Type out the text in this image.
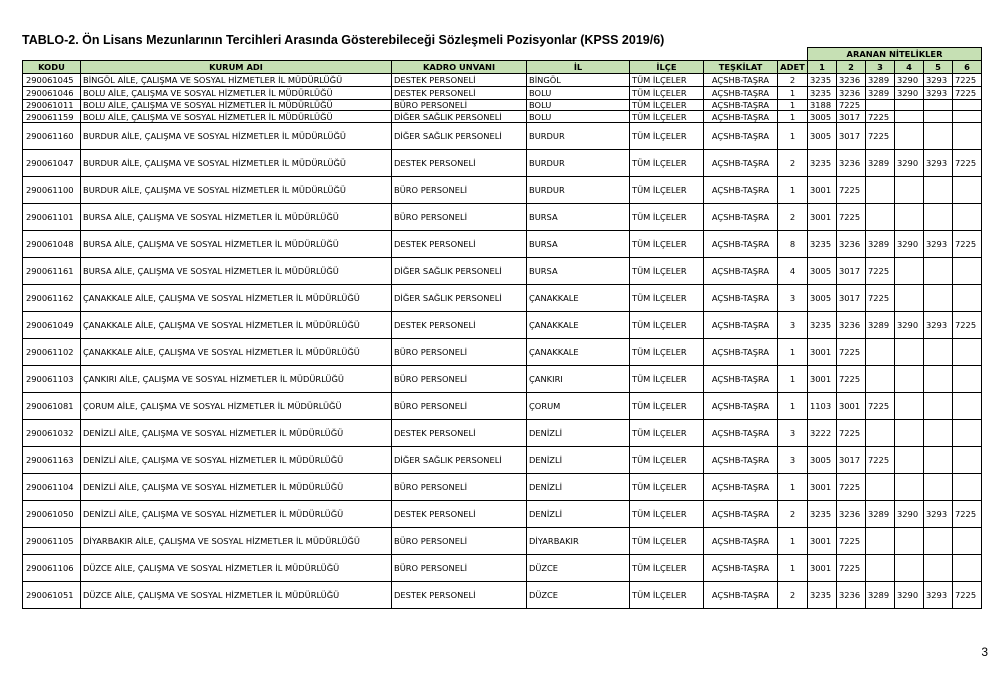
TABLO-2. Ön Lisans Mezunlarının Tercihleri Arasında Gösterebileceği Sözleşmeli Pozisyonlar (KPSS 2019/6)
							ARANAN NİTELİKLER					
KODU	KURUM ADI	KADRO UNVANI	İL	İLÇE	TEŞKİLAT	ADET	1	2	3	4	5	6
290061045	BİNGÖL AİLE, ÇALIŞMA VE SOSYAL HİZMETLER İL MÜDÜRLÜĞÜ	DESTEK PERSONELİ	BİNGÖL	TÜM İLÇELER	AÇSHB-TAŞRA	2	3235	3236	3289	3290	3293	7225
290061046	BOLU AİLE, ÇALIŞMA VE SOSYAL HİZMETLER İL MÜDÜRLÜĞÜ	DESTEK PERSONELİ	BOLU	TÜM İLÇELER	AÇSHB-TAŞRA	1	3235	3236	3289	3290	3293	7225
290061011	BOLU AİLE, ÇALIŞMA VE SOSYAL HİZMETLER İL MÜDÜRLÜĞÜ	BÜRO PERSONELİ	BOLU	TÜM İLÇELER	AÇSHB-TAŞRA	1	3188	7225				
290061159	BOLU AİLE, ÇALIŞMA VE SOSYAL HİZMETLER İL MÜDÜRLÜĞÜ	DİĞER SAĞLIK PERSONELİ	BOLU	TÜM İLÇELER	AÇSHB-TAŞRA	1	3005	3017	7225			
290061160	BURDUR AİLE, ÇALIŞMA VE SOSYAL HİZMETLER İL MÜDÜRLÜĞÜ	DİĞER SAĞLIK PERSONELİ	BURDUR	TÜM İLÇELER	AÇSHB-TAŞRA	1	3005	3017	7225			
290061047	BURDUR AİLE, ÇALIŞMA VE SOSYAL HİZMETLER İL MÜDÜRLÜĞÜ	DESTEK PERSONELİ	BURDUR	TÜM İLÇELER	AÇSHB-TAŞRA	2	3235	3236	3289	3290	3293	7225
290061100	BURDUR AİLE, ÇALIŞMA VE SOSYAL HİZMETLER İL MÜDÜRLÜĞÜ	BÜRO PERSONELİ	BURDUR	TÜM İLÇELER	AÇSHB-TAŞRA	1	3001	7225				
290061101	BURSA AİLE, ÇALIŞMA VE SOSYAL HİZMETLER İL MÜDÜRLÜĞÜ	BÜRO PERSONELİ	BURSA	TÜM İLÇELER	AÇSHB-TAŞRA	2	3001	7225				
290061048	BURSA AİLE, ÇALIŞMA VE SOSYAL HİZMETLER İL MÜDÜRLÜĞÜ	DESTEK PERSONELİ	BURSA	TÜM İLÇELER	AÇSHB-TAŞRA	8	3235	3236	3289	3290	3293	7225
290061161	BURSA AİLE, ÇALIŞMA VE SOSYAL HİZMETLER İL MÜDÜRLÜĞÜ	DİĞER SAĞLIK PERSONELİ	BURSA	TÜM İLÇELER	AÇSHB-TAŞRA	4	3005	3017	7225			
290061162	ÇANAKKALE AİLE, ÇALIŞMA VE SOSYAL HİZMETLER İL MÜDÜRLÜĞÜ	DİĞER SAĞLIK PERSONELİ	ÇANAKKALE	TÜM İLÇELER	AÇSHB-TAŞRA	3	3005	3017	7225			
290061049	ÇANAKKALE AİLE, ÇALIŞMA VE SOSYAL HİZMETLER İL MÜDÜRLÜĞÜ	DESTEK PERSONELİ	ÇANAKKALE	TÜM İLÇELER	AÇSHB-TAŞRA	3	3235	3236	3289	3290	3293	7225
290061102	ÇANAKKALE AİLE, ÇALIŞMA VE SOSYAL HİZMETLER İL MÜDÜRLÜĞÜ	BÜRO PERSONELİ	ÇANAKKALE	TÜM İLÇELER	AÇSHB-TAŞRA	1	3001	7225				
290061103	ÇANKIRI AİLE, ÇALIŞMA VE SOSYAL HİZMETLER İL MÜDÜRLÜĞÜ	BÜRO PERSONELİ	ÇANKIRI	TÜM İLÇELER	AÇSHB-TAŞRA	1	3001	7225				
290061081	ÇORUM AİLE, ÇALIŞMA VE SOSYAL HİZMETLER İL MÜDÜRLÜĞÜ	BÜRO PERSONELİ	ÇORUM	TÜM İLÇELER	AÇSHB-TAŞRA	1	1103	3001	7225			
290061032	DENİZLİ AİLE, ÇALIŞMA VE SOSYAL HİZMETLER İL MÜDÜRLÜĞÜ	DESTEK PERSONELİ	DENİZLİ	TÜM İLÇELER	AÇSHB-TAŞRA	3	3222	7225				
290061163	DENİZLİ AİLE, ÇALIŞMA VE SOSYAL HİZMETLER İL MÜDÜRLÜĞÜ	DİĞER SAĞLIK PERSONELİ	DENİZLİ	TÜM İLÇELER	AÇSHB-TAŞRA	3	3005	3017	7225			
290061104	DENİZLİ AİLE, ÇALIŞMA VE SOSYAL HİZMETLER İL MÜDÜRLÜĞÜ	BÜRO PERSONELİ	DENİZLİ	TÜM İLÇELER	AÇSHB-TAŞRA	1	3001	7225				
290061050	DENİZLİ AİLE, ÇALIŞMA VE SOSYAL HİZMETLER İL MÜDÜRLÜĞÜ	DESTEK PERSONELİ	DENİZLİ	TÜM İLÇELER	AÇSHB-TAŞRA	2	3235	3236	3289	3290	3293	7225
290061105	DİYARBAKIR AİLE, ÇALIŞMA VE SOSYAL HİZMETLER İL MÜDÜRLÜĞÜ	BÜRO PERSONELİ	DİYARBAKIR	TÜM İLÇELER	AÇSHB-TAŞRA	1	3001	7225				
290061106	DÜZCE AİLE, ÇALIŞMA VE SOSYAL HİZMETLER İL MÜDÜRLÜĞÜ	BÜRO PERSONELİ	DÜZCE	TÜM İLÇELER	AÇSHB-TAŞRA	1	3001	7225				
290061051	DÜZCE AİLE, ÇALIŞMA VE SOSYAL HİZMETLER İL MÜDÜRLÜĞÜ	DESTEK PERSONELİ	DÜZCE	TÜM İLÇELER	AÇSHB-TAŞRA	2	3235	3236	3289	3290	3293	7225
3
